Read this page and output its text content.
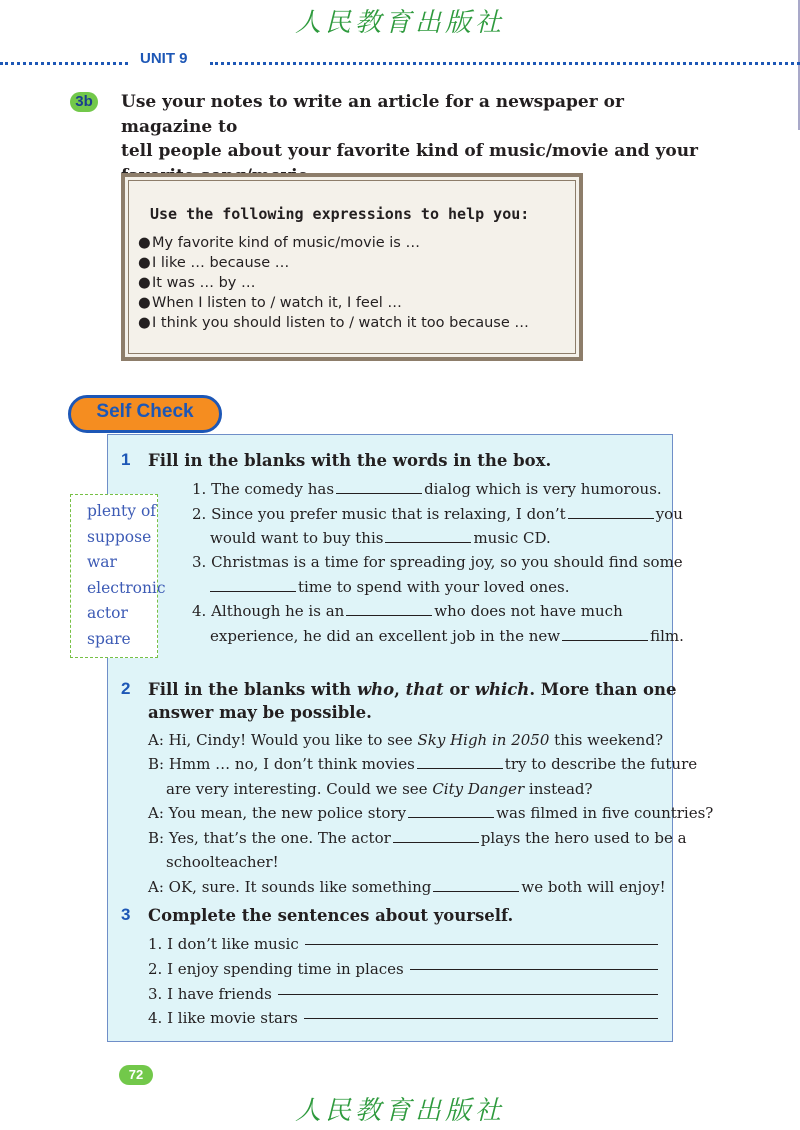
人民教育出版社
UNIT 9
3b	Use your notes to write an article for a newspaper or magazine to
tell people about your favorite kind of music/movie and your
Use the following expressions to help you:
●My favorite kind of music/movie is …
●I like … because …
●It was … by …
●When I listen to / watch it, I feel …
●I think you should listen to / watch it too because …
Self Check
1 Fill in the blanks with the words in the box.
plenty of
suppose
war
electronic
actor
spare
1. The comedy has	dialog which is very humorous.
2. Since you prefer music that is relaxing, I don’t	you
would want to buy this	music CD.
3. Christmas is a time for spreading joy, so you should find some
time to spend with your loved ones.
4. Although he is an	who does not have much
experience, he did an excellent job in the new	film.
2 Fill in the blanks with who, that or which. More than one
answer may be possible.
A: Hi, Cindy! Would you like to see Sky High in 2050 this weekend?
B: Hmm … no, I don’t think movies	try to describe the future
are very interesting. Could we see City Danger instead?
A: You mean, the new police story	was filmed in five countries?
B: Yes, that’s the one. The actor	plays the hero used to be a
schoolteacher!
A: OK, sure. It sounds like something	we both will enjoy!
3 Complete the sentences about yourself.
1. I don’t like music
2. I enjoy spending time in places
3. I have friends
4. I like movie stars
72
人民教育出版社
